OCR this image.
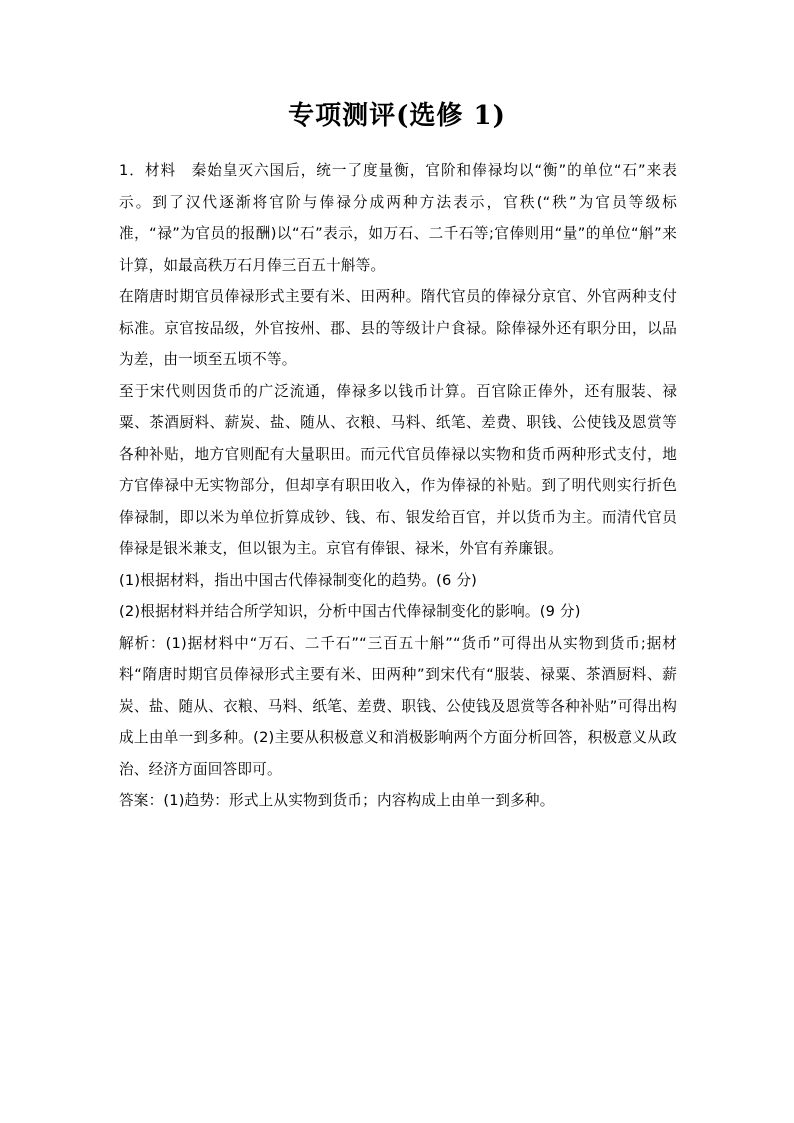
专项测评(选修 1)

1．材料　秦始皇灭六国后，统一了度量衡，官阶和俸禄均以“衡”的单位“石”来表示。到了汉代逐渐将官阶与俸禄分成两种方法表示，官秩(“秩”为官员等级标准，“禄”为官员的报酬)以“石”表示，如万石、二千石等;官俸则用“量”的单位“斛”来计算，如最高秩万石月俸三百五十斛等。

在隋唐时期官员俸禄形式主要有米、田两种。隋代官员的俸禄分京官、外官两种支付标准。京官按品级，外官按州、郡、县的等级计户食禄。除俸禄外还有职分田，以品为差，由一顷至五顷不等。

至于宋代则因货币的广泛流通，俸禄多以钱币计算。百官除正俸外，还有服装、禄粟、茶酒厨料、薪炭、盐、随从、衣粮、马料、纸笔、差费、职钱、公使钱及恩赏等各种补贴，地方官则配有大量职田。而元代官员俸禄以实物和货币两种形式支付，地方官俸禄中无实物部分，但却享有职田收入，作为俸禄的补贴。到了明代则实行折色俸禄制，即以米为单位折算成钞、钱、布、银发给百官，并以货币为主。而清代官员俸禄是银米兼支，但以银为主。京官有俸银、禄米，外官有养廉银。

(1)根据材料，指出中国古代俸禄制变化的趋势。(6 分)

(2)根据材料并结合所学知识，分析中国古代俸禄制变化的影响。(9 分)

解析：(1)据材料中“万石、二千石”“三百五十斛”“货币”可得出从实物到货币;据材料“隋唐时期官员俸禄形式主要有米、田两种”到宋代有“服装、禄粟、茶酒厨料、薪炭、盐、随从、衣粮、马料、纸笔、差费、职钱、公使钱及恩赏等各种补贴”可得出构成上由单一到多种。(2)主要从积极意义和消极影响两个方面分析回答，积极意义从政治、经济方面回答即可。

答案：(1)趋势：形式上从实物到货币；内容构成上由单一到多种。
